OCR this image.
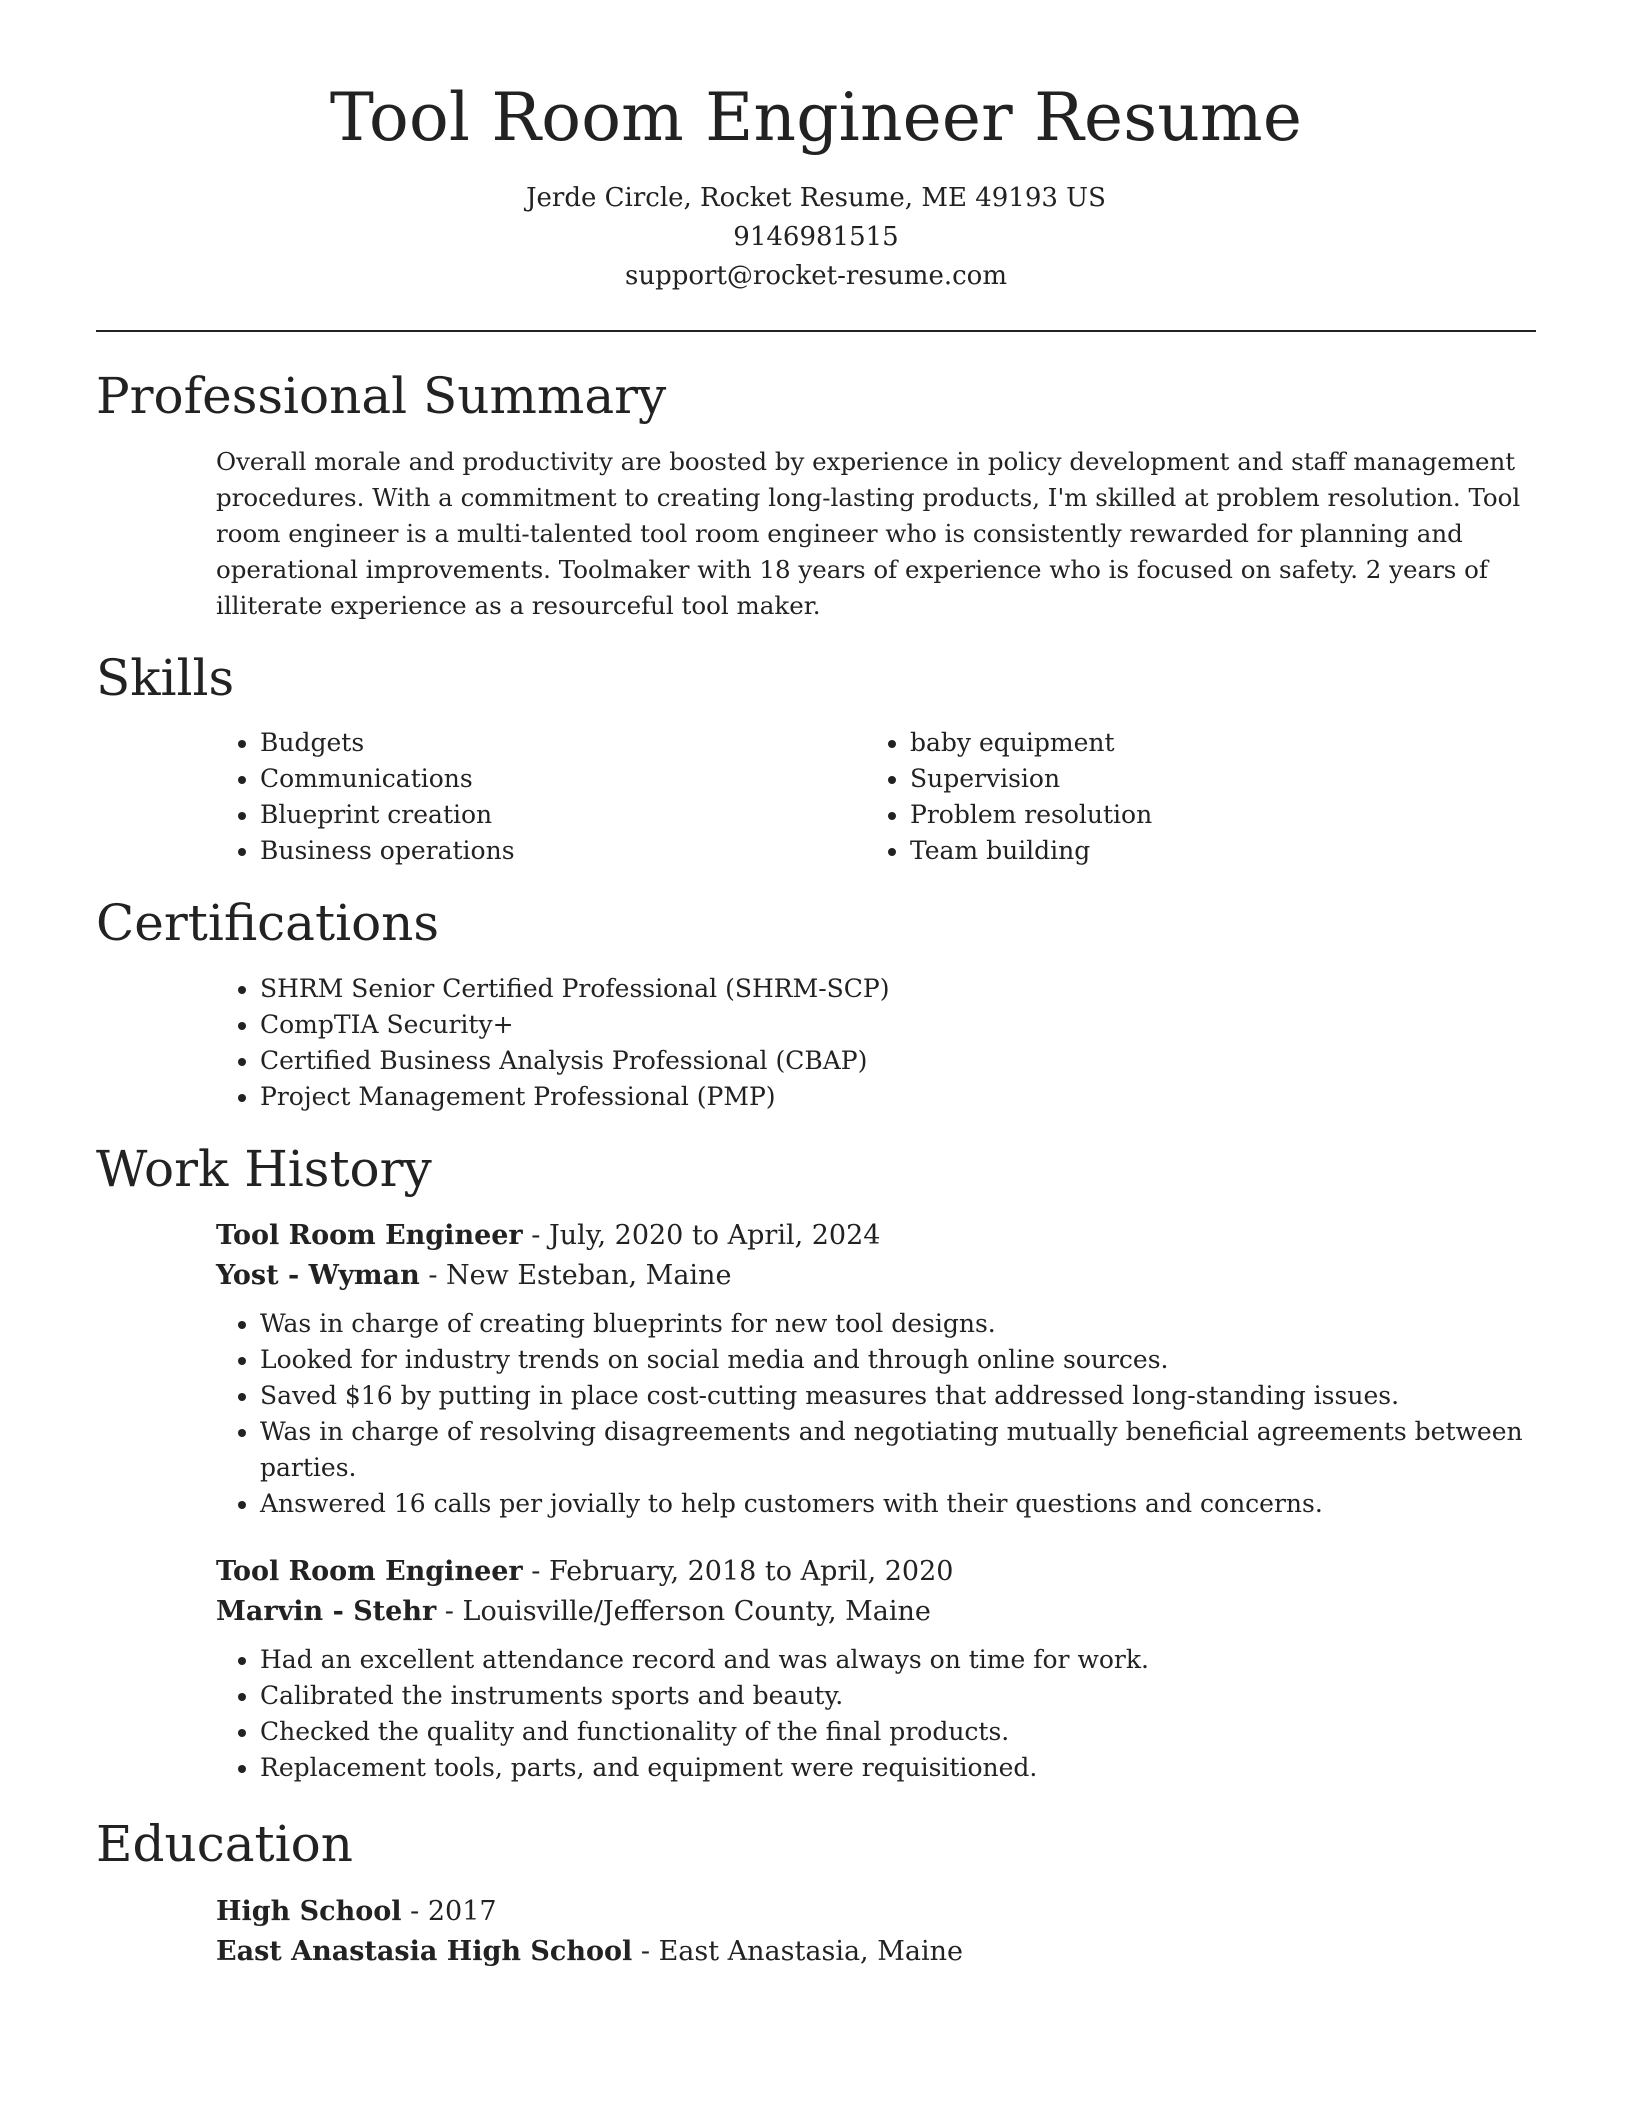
Tool Room Engineer Resume
Jerde Circle, Rocket Resume, ME 49193 US
9146981515
support@rocket-resume.com
Professional Summary

Overall morale and productivity are boosted by experience in policy development and staff management procedures. With a commitment to creating long-lasting products, I'm skilled at problem resolution. Tool room engineer is a multi-talented tool room engineer who is consistently rewarded for planning and operational improvements. Toolmaker with 18 years of experience who is focused on safety. 2 years of illiterate experience as a resourceful tool maker.

Skills
• Budgets
• Communications
• Blueprint creation
• Business operations
• baby equipment
• Supervision
• Problem resolution
• Team building
Certifications
• SHRM Senior Certified Professional (SHRM-SCP)
• CompTIA Security+
• Certified Business Analysis Professional (CBAP)
• Project Management Professional (PMP)
Work History
Tool Room Engineer - July, 2020 to April, 2024
Yost - Wyman - New Esteban, Maine
• Was in charge of creating blueprints for new tool designs.
• Looked for industry trends on social media and through online sources.
• Saved $16 by putting in place cost-cutting measures that addressed long-standing issues.
• Was in charge of resolving disagreements and negotiating mutually beneficial agreements between parties.
• Answered 16 calls per jovially to help customers with their questions and concerns.
Tool Room Engineer - February, 2018 to April, 2020
Marvin - Stehr - Louisville/Jefferson County, Maine
• Had an excellent attendance record and was always on time for work.
• Calibrated the instruments sports and beauty.
• Checked the quality and functionality of the final products.
• Replacement tools, parts, and equipment were requisitioned.
Education
High School - 2017
East Anastasia High School - East Anastasia, Maine
